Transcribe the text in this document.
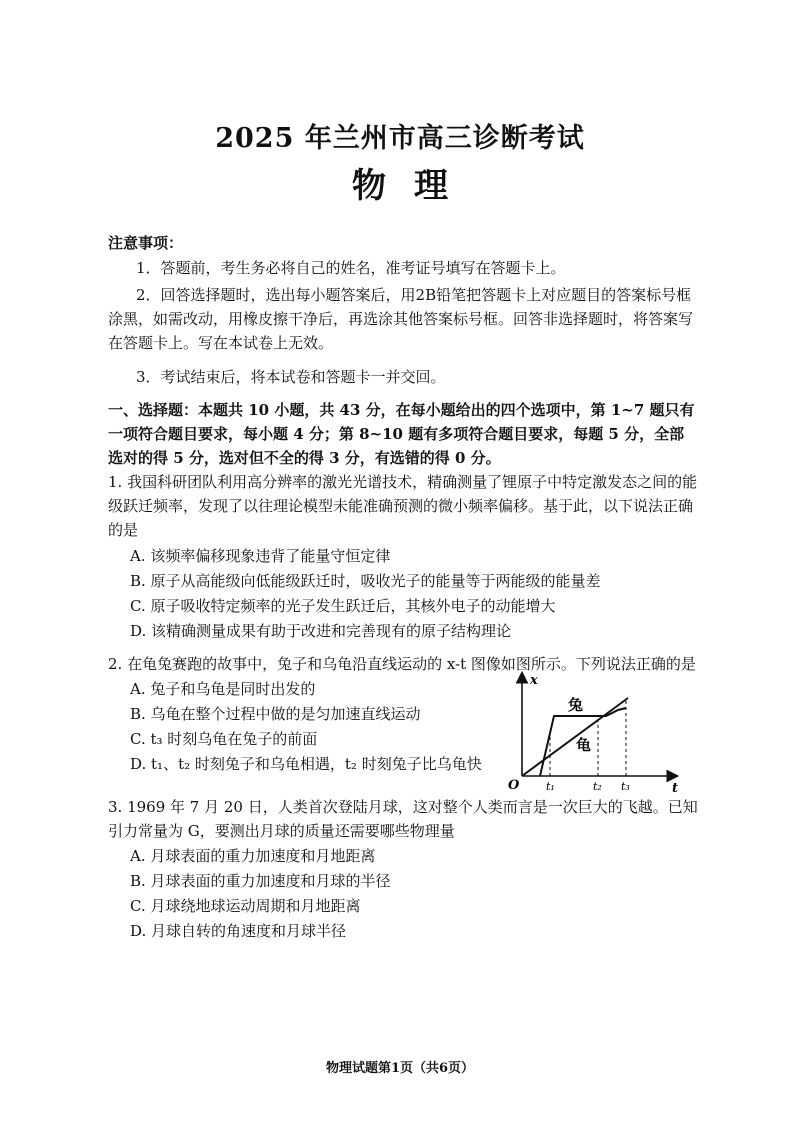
2025 年兰州市高三诊断考试
物 理
注意事项：
1．答题前，考生务必将自己的姓名，准考证号填写在答题卡上。
2．回答选择题时，选出每小题答案后，用2B铅笔把答题卡上对应题目的答案标号框涂黑，如需改动，用橡皮擦干净后，再选涂其他答案标号框。回答非选择题时，将答案写在答题卡上。写在本试卷上无效。
3．考试结束后，将本试卷和答题卡一并交回。
一、选择题：本题共 10 小题，共 43 分，在每小题给出的四个选项中，第 1~7 题只有一项符合题目要求，每小题 4 分；第 8~10 题有多项符合题目要求，每题 5 分，全部选对的得 5 分，选对但不全的得 3 分，有选错的得 0 分。
1. 我国科研团队利用高分辨率的激光光谱技术，精确测量了锂原子中特定激发态之间的能级跃迁频率，发现了以往理论模型未能准确预测的微小频率偏移。基于此，以下说法正确的是
A. 该频率偏移现象违背了能量守恒定律
B. 原子从高能级向低能级跃迁时，吸收光子的能量等于两能级的能量差
C. 原子吸收特定频率的光子发生跃迁后，其核外电子的动能增大
D. 该精确测量成果有助于改进和完善现有的原子结构理论
2. 在龟兔赛跑的故事中，兔子和乌龟沿直线运动的 x-t 图像如图所示。下列说法正确的是
A. 兔子和乌龟是同时出发的
B. 乌龟在整个过程中做的是匀加速直线运动
C. t₃ 时刻乌龟在兔子的前面
D. t₁、t₂ 时刻兔子和乌龟相遇，t₂ 时刻兔子比乌龟快
x
t
O t₁	t₂ t₃
兔
龟
3. 1969 年 7 月 20 日，人类首次登陆月球，这对整个人类而言是一次巨大的飞越。已知引力常量为 G，要测出月球的质量还需要哪些物理量
A. 月球表面的重力加速度和月地距离
B. 月球表面的重力加速度和月球的半径
C. 月球绕地球运动周期和月地距离
D. 月球自转的角速度和月球半径
物理试题第1页（共6页）
